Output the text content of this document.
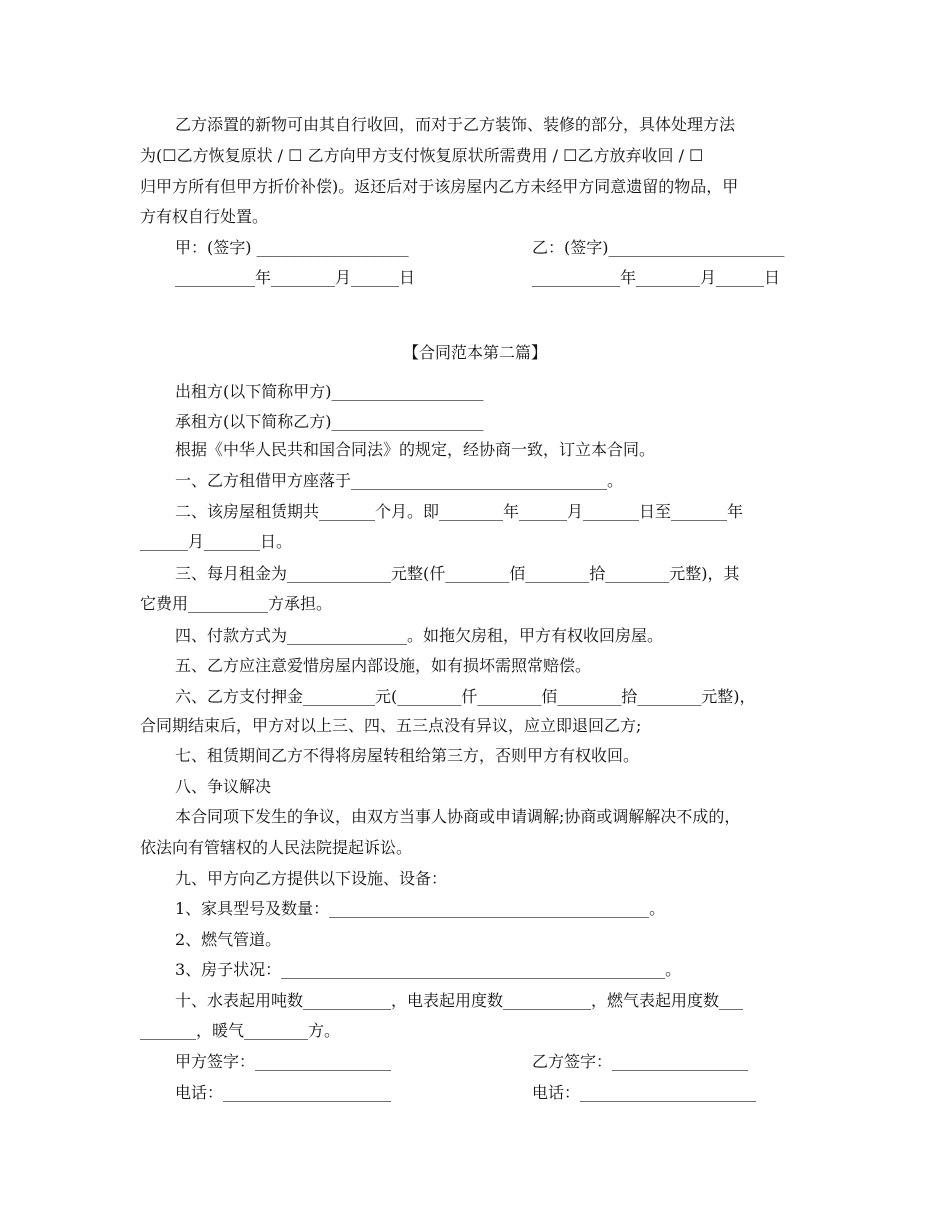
乙方添置的新物可由其自行收回，而对于乙方装饰、装修的部分，具体处理方法
为(☐乙方恢复原状 / ☐ 乙方向甲方支付恢复原状所需费用 / ☐乙方放弃收回 / ☐
归甲方所有但甲方折价补偿)。返还后对于该房屋内乙方未经甲方同意遗留的物品，甲
方有权自行处置。
甲：(签字) ___________________	乙：(签字)______________________
__________年________月______日	___________年________月______日
【合同范本第二篇】
出租方(以下简称甲方)___________________
承租方(以下简称乙方)___________________
根据《中华人民共和国合同法》的规定，经协商一致，订立本合同。
一、乙方租借甲方座落于________________________________。
二、该房屋租赁期共_______个月。即________年______月_______日至_______年
______月_______日。
三、每月租金为_____________元整(仟________佰________拾________元整)，其
它费用__________方承担。
四、付款方式为_______________。如拖欠房租，甲方有权收回房屋。
五、乙方应注意爱惜房屋内部设施，如有损坏需照常赔偿。
六、乙方支付押金_________元(________仟________佰________拾________元整)，
合同期结束后，甲方对以上三、四、五三点没有异议，应立即退回乙方;
七、租赁期间乙方不得将房屋转租给第三方，否则甲方有权收回。
八、争议解决
本合同项下发生的争议，由双方当事人协商或申请调解;协商或调解解决不成的，
依法向有管辖权的人民法院提起诉讼。
九、甲方向乙方提供以下设施、设备：
1、家具型号及数量：________________________________________。
2、燃气管道。
3、房子状况：________________________________________________。
十、水表起用吨数___________，电表起用度数___________，燃气表起用度数___
_______，暖气________方。
甲方签字：_________________	乙方签字：_________________
电话：_____________________	电话：______________________
